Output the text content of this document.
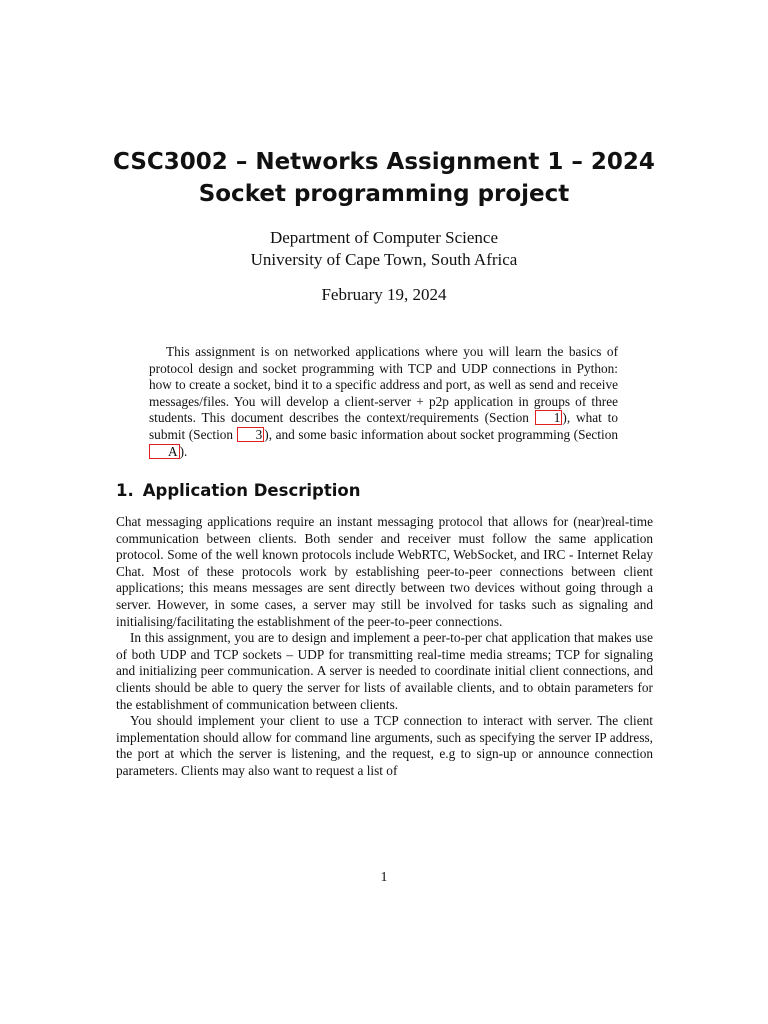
CSC3002 – Networks Assignment 1 – 2024
Socket programming project

Department of Computer Science

University of Cape Town, South Africa

February 19, 2024

This assignment is on networked applications where you will learn the basics of protocol design and socket programming with TCP and UDP connections in Python: how to create a socket, bind it to a specific address and port, as well as send and receive messages/files. You will develop a client-server + p2p application in groups of three students. This document describes the context/requirements (Section 1 ), what to submit (Section 3 ), and some basic information about socket programming (Section A ).

1. Application Description

Chat messaging applications require an instant messaging protocol that allows for (near)real-time communication between clients. Both sender and receiver must follow the same application protocol. Some of the well known protocols include WebRTC, WebSocket, and IRC - Internet Relay Chat. Most of these protocols work by establishing peer-to-peer connections between client applications; this means messages are sent directly between two devices without going through a server. However, in some cases, a server may still be involved for tasks such as signaling and initialising/facilitating the establishment of the peer-to-peer connections.

In this assignment, you are to design and implement a peer-to-per chat application that makes use of both UDP and TCP sockets – UDP for transmitting real-time media streams; TCP for signaling and initializing peer communication. A server is needed to coordinate initial client connections, and clients should be able to query the server for lists of available clients, and to obtain parameters for the establishment of communication between clients.

You should implement your client to use a TCP connection to interact with server. The client implementation should allow for command line arguments, such as specifying the server IP address, the port at which the server is listening, and the request, e.g to sign-up or announce connection parameters. Clients may also want to request a list of

1
